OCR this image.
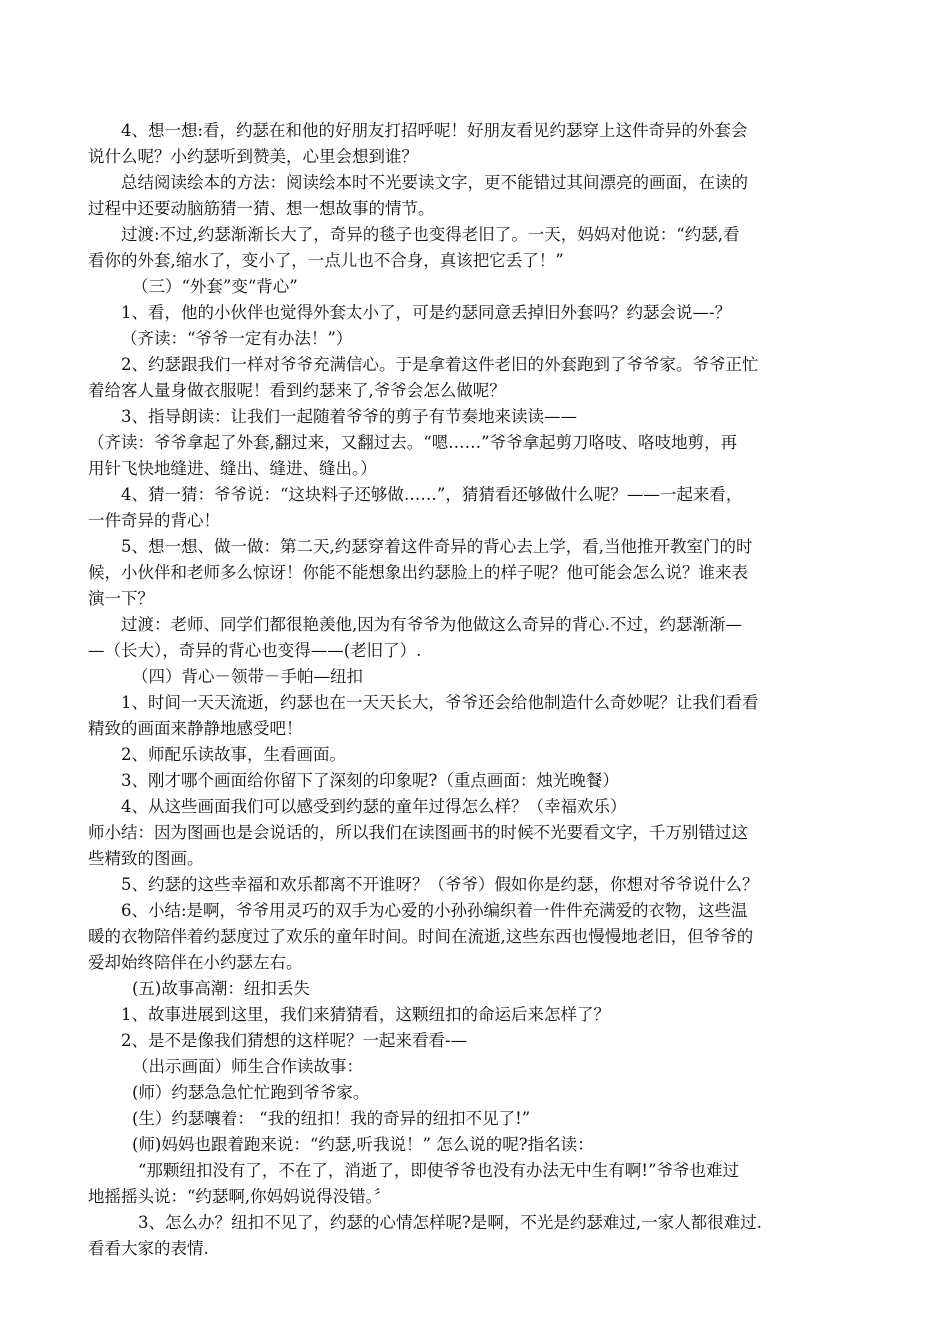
4、想一想:看，约瑟在和他的好朋友打招呼呢！好朋友看见约瑟穿上这件奇异的外套会
说什么呢？小约瑟听到赞美，心里会想到谁？
总结阅读绘本的方法：阅读绘本时不光要读文字，更不能错过其间漂亮的画面，在读的
过程中还要动脑筋猜一猜、想一想故事的情节。
过渡:不过,约瑟渐渐长大了，奇异的毯子也变得老旧了。一天，妈妈对他说：“约瑟,看
看你的外套,缩水了，变小了，一点儿也不合身，真该把它丢了！”
（三）“外套”变“背心”
1、看，他的小伙伴也觉得外套太小了，可是约瑟同意丢掉旧外套吗？约瑟会说—-？
（齐读：“爷爷一定有办法！”）
2、约瑟跟我们一样对爷爷充满信心。于是拿着这件老旧的外套跑到了爷爷家。爷爷正忙
着给客人量身做衣服呢！看到约瑟来了,爷爷会怎么做呢？
3、指导朗读：让我们一起随着爷爷的剪子有节奏地来读读——
（齐读：爷爷拿起了外套,翻过来，又翻过去。“嗯……”爷爷拿起剪刀咯吱、咯吱地剪，再
用针飞快地缝进、缝出、缝进、缝出。）
4、猜一猜：爷爷说：“这块料子还够做……”，猜猜看还够做什么呢？——一起来看，
一件奇异的背心！
5、想一想、做一做：第二天,约瑟穿着这件奇异的背心去上学，看,当他推开教室门的时
候，小伙伴和老师多么惊讶！你能不能想象出约瑟脸上的样子呢？他可能会怎么说？谁来表
演一下？
过渡：老师、同学们都很艳羡他,因为有爷爷为他做这么奇异的背心.不过，约瑟渐渐—
—（长大），奇异的背心也变得——(老旧了）.
（四）背心－领带－手帕—纽扣
1、时间一天天流逝，约瑟也在一天天长大，爷爷还会给他制造什么奇妙呢？让我们看看
精致的画面来静静地感受吧！
2、师配乐读故事，生看画面。
3、刚才哪个画面给你留下了深刻的印象呢?（重点画面：烛光晚餐）
4、从这些画面我们可以感受到约瑟的童年过得怎么样？（幸福欢乐）
师小结：因为图画也是会说话的，所以我们在读图画书的时候不光要看文字，千万别错过这
些精致的图画。
5、约瑟的这些幸福和欢乐都离不开谁呀？（爷爷）假如你是约瑟，你想对爷爷说什么？
6、小结:是啊，爷爷用灵巧的双手为心爱的小孙孙编织着一件件充满爱的衣物，这些温
暖的衣物陪伴着约瑟度过了欢乐的童年时间。时间在流逝,这些东西也慢慢地老旧，但爷爷的
爱却始终陪伴在小约瑟左右。
(五)故事高潮：纽扣丢失
1、故事进展到这里，我们来猜猜看，这颗纽扣的命运后来怎样了？
2、是不是像我们猜想的这样呢？一起来看看-—
（出示画面）师生合作读故事：
(师）约瑟急急忙忙跑到爷爷家。
(生）约瑟嚷着： “我的纽扣！我的奇异的纽扣不见了!”
(师)妈妈也跟着跑来说：“约瑟,听我说！” 怎么说的呢?指名读：
“那颗纽扣没有了，不在了，消逝了，即使爷爷也没有办法无中生有啊!”爷爷也难过
地摇摇头说：“约瑟啊,你妈妈说得没错。〞
3、怎么办？纽扣不见了，约瑟的心情怎样呢?是啊，不光是约瑟难过,一家人都很难过.
看看大家的表情.
